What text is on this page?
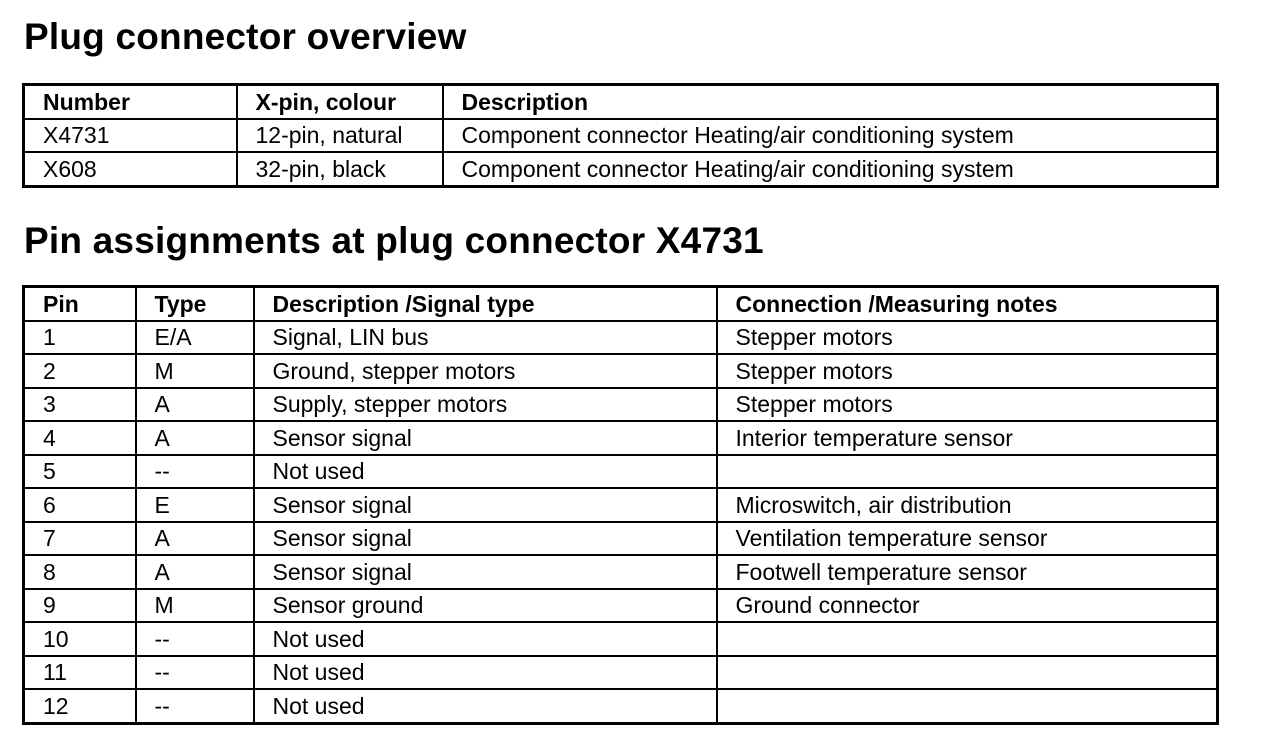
Plug connector overview
Number	X-pin, colour	Description
X4731	12-pin, natural	Component connector Heating/air conditioning system
X608	32-pin, black	Component connector Heating/air conditioning system
Pin assignments at plug connector X4731
Pin	Type	Description /Signal type	Connection /Measuring notes
1	E/A	Signal, LIN bus	Stepper motors
2	M	Ground, stepper motors	Stepper motors
3	A	Supply, stepper motors	Stepper motors
4	A	Sensor signal	Interior temperature sensor
5	--	Not used	
6	E	Sensor signal	Microswitch, air distribution
7	A	Sensor signal	Ventilation temperature sensor
8	A	Sensor signal	Footwell temperature sensor
9	M	Sensor ground	Ground connector
10	--	Not used	
11	--	Not used	
12	--	Not used	
